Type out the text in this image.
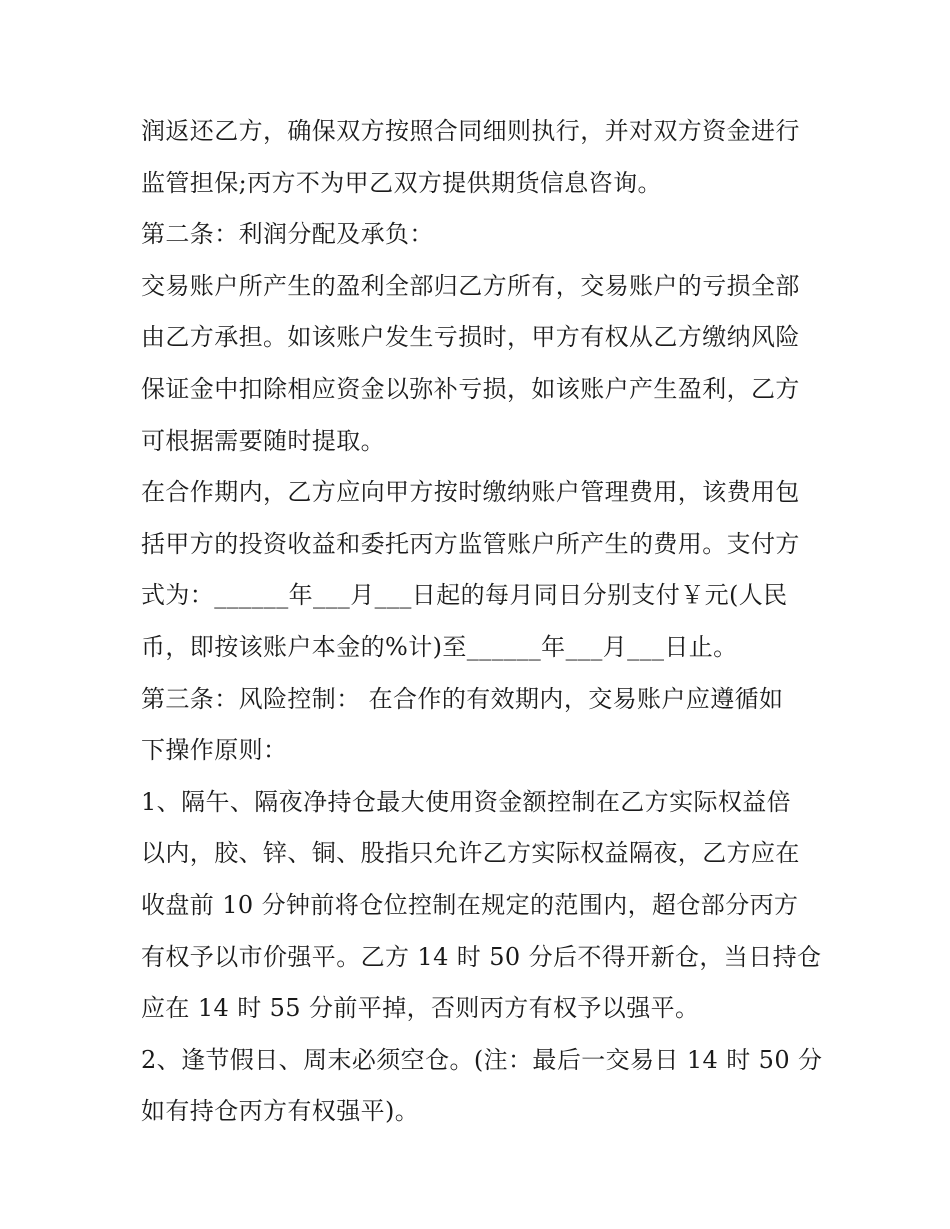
润返还乙方，确保双方按照合同细则执行，并对双方资金进行
监管担保;丙方不为甲乙双方提供期货信息咨询。
第二条：利润分配及承负：
交易账户所产生的盈利全部归乙方所有，交易账户的亏损全部
由乙方承担。如该账户发生亏损时，甲方有权从乙方缴纳风险
保证金中扣除相应资金以弥补亏损，如该账户产生盈利，乙方
可根据需要随时提取。
在合作期内，乙方应向甲方按时缴纳账户管理费用，该费用包
括甲方的投资收益和委托丙方监管账户所产生的费用。支付方
式为：______年___月___日起的每月同日分别支付￥元(人民
币，即按该账户本金的%计)至______年___月___日止。
第三条：风险控制： 在合作的有效期内，交易账户应遵循如
下操作原则：
1、隔午、隔夜净持仓最大使用资金额控制在乙方实际权益倍
以内，胶、锌、铜、股指只允许乙方实际权益隔夜，乙方应在
收盘前 10 分钟前将仓位控制在规定的范围内，超仓部分丙方
有权予以市价强平。乙方 14 时 50 分后不得开新仓，当日持仓
应在 14 时 55 分前平掉，否则丙方有权予以强平。
2、逢节假日、周末必须空仓。(注：最后一交易日 14 时 50 分
如有持仓丙方有权强平)。
